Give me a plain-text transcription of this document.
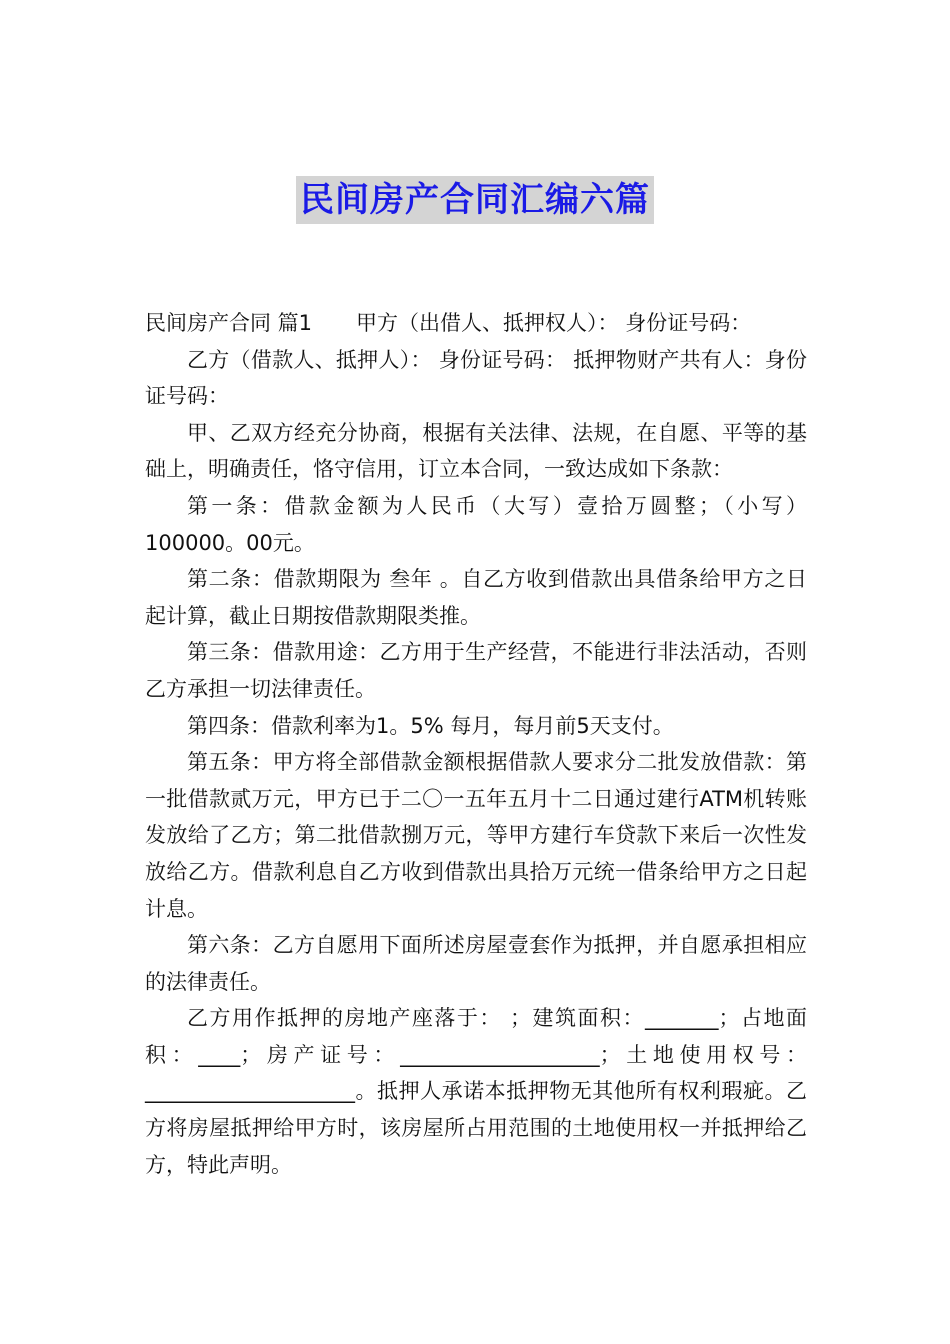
民间房产合同汇编六篇

民间房产合同 篇1 甲方（出借人、抵押权人）： 身份证号码：

乙方（借款人、抵押人）： 身份证号码： 抵押物财产共有人：身份证号码：

甲、乙双方经充分协商，根据有关法律、法规，在自愿、平等的基础上，明确责任，恪守信用，订立本合同，一致达成如下条款：

第一条：借款金额为人民币（大写）壹拾万圆整；（小写）100000。00元。

第二条：借款期限为 叁年 。自乙方收到借款出具借条给甲方之日起计算，截止日期按借款期限类推。

第三条：借款用途：乙方用于生产经营，不能进行非法活动，否则乙方承担一切法律责任。

第四条：借款利率为1。5% 每月，每月前5天支付。

第五条：甲方将全部借款金额根据借款人要求分二批发放借款：第一批借款贰万元，甲方已于二〇一五年五月十二日通过建行ATM机转账发放给了乙方；第二批借款捌万元，等甲方建行车贷款下来后一次性发放给乙方。借款利息自乙方收到借款出具拾万元统一借条给甲方之日起计息。

第六条：乙方自愿用下面所述房屋壹套作为抵押，并自愿承担相应的法律责任。

乙方用作抵押的房地产座落于： ；建筑面积：_______；占地面积：____；房产证号：___________________；土地使用权号：____________________。抵押人承诺本抵押物无其他所有权利瑕疵。乙方将房屋抵押给甲方时，该房屋所占用范围的土地使用权一并抵押给乙方，特此声明。
